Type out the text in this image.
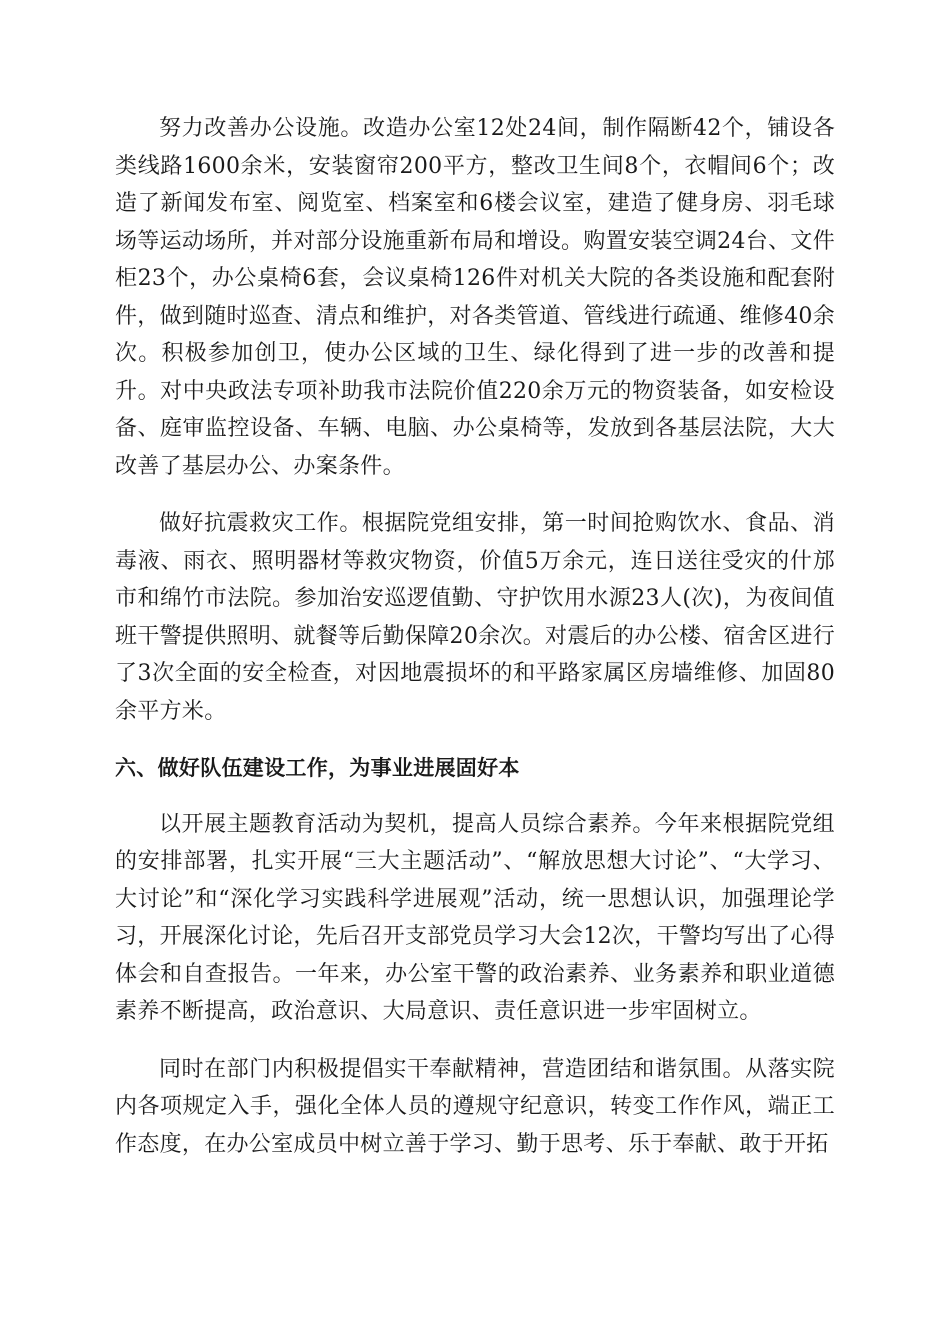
努力改善办公设施。改造办公室12处24间，制作隔断42个，铺设各类线路1600余米，安装窗帘200平方，整改卫生间8个，衣帽间6个；改造了新闻发布室、阅览室、档案室和6楼会议室，建造了健身房、羽毛球场等运动场所，并对部分设施重新布局和增设。购置安装空调24台、文件柜23个，办公桌椅6套，会议桌椅126件对机关大院的各类设施和配套附件，做到随时巡查、清点和维护，对各类管道、管线进行疏通、维修40余次。积极参加创卫，使办公区域的卫生、绿化得到了进一步的改善和提升。对中央政法专项补助我市法院价值220余万元的物资装备，如安检设备、庭审监控设备、车辆、电脑、办公桌椅等，发放到各基层法院，大大改善了基层办公、办案条件。

做好抗震救灾工作。根据院党组安排，第一时间抢购饮水、食品、消毒液、雨衣、照明器材等救灾物资，价值5万余元，连日送往受灾的什邡市和绵竹市法院。参加治安巡逻值勤、守护饮用水源23人(次)，为夜间值班干警提供照明、就餐等后勤保障20余次。对震后的办公楼、宿舍区进行了3次全面的安全检查，对因地震损坏的和平路家属区房墙维修、加固80余平方米。

六、做好队伍建设工作，为事业进展固好本

以开展主题教育活动为契机，提高人员综合素养。今年来根据院党组的安排部署，扎实开展“三大主题活动”、“解放思想大讨论”、“大学习、大讨论”和“深化学习实践科学进展观”活动，统一思想认识，加强理论学习，开展深化讨论，先后召开支部党员学习大会12次，干警均写出了心得体会和自查报告。一年来，办公室干警的政治素养、业务素养和职业道德素养不断提高，政治意识、大局意识、责任意识进一步牢固树立。

同时在部门内积极提倡实干奉献精神，营造团结和谐氛围。从落实院内各项规定入手，强化全体人员的遵规守纪意识，转变工作作风，端正工作态度，在办公室成员中树立善于学习、勤于思考、乐于奉献、敢于开拓
